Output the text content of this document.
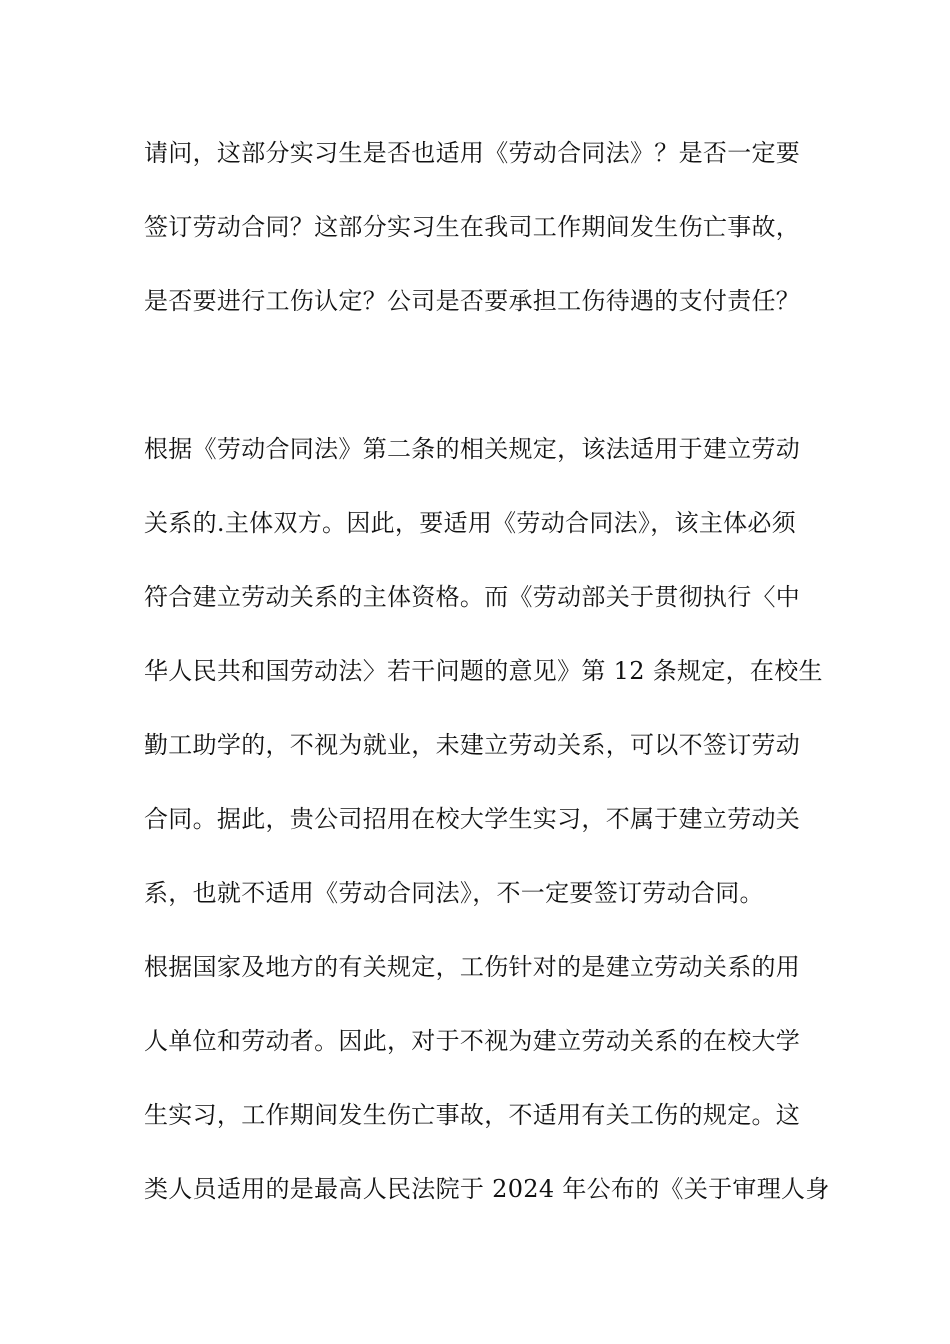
请问，这部分实习生是否也适用《劳动合同法》？是否一定要
签订劳动合同？这部分实习生在我司工作期间发生伤亡事故，
是否要进行工伤认定？公司是否要承担工伤待遇的支付责任？
根据《劳动合同法》第二条的相关规定，该法适用于建立劳动
关系的.主体双方。因此，要适用《劳动合同法》，该主体必须
符合建立劳动关系的主体资格。而《劳动部关于贯彻执行〈中
华人民共和国劳动法〉若干问题的意见》第 12 条规定，在校生
勤工助学的，不视为就业，未建立劳动关系，可以不签订劳动
合同。据此，贵公司招用在校大学生实习，不属于建立劳动关
系，也就不适用《劳动合同法》，不一定要签订劳动合同。
根据国家及地方的有关规定，工伤针对的是建立劳动关系的用
人单位和劳动者。因此，对于不视为建立劳动关系的在校大学
生实习，工作期间发生伤亡事故，不适用有关工伤的规定。这
类人员适用的是最高人民法院于 2024 年公布的《关于审理人身
